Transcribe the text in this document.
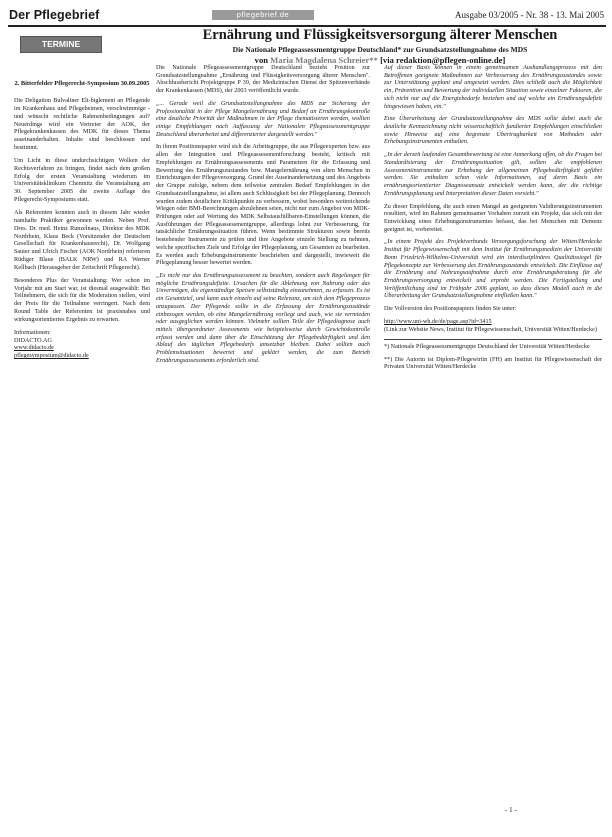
Der Pflegebrief	pflegebrief.de	Ausgabe 03/2005 - Nr. 38 - 13. Mai 2005
TERMINE
Ernährung und Flüssigkeitsversorgung älterer Menschen
Die Nationale Pflegeassessmentgruppe Deutschland* zur Grundsatzstellungnahme des MDS
von Maria Magdalena Schreier** [via redaktion@pflegen-online.de]
2. Bitterfelder Pflegerecht-Symposium 30.09.2005

Die Deligation Bulvaliner Elt-biglement an Pflegende im Krankenhaus und Pflegeheimen, verschwimmige - und wünscht rechtliche Rahmenbedingungen auf? Neuerdings wird ein Vertreter der AOK, der Pflegekrankenkassen des MDK für dieses Thema auseinanderhalten. Inhalte sind beschlossen und bestimmt.

Um Licht in diese undurchsichtigen Wolken der Rechtsverfahren zu bringen, findet nach dem großen Erfolg der ersten Veranstaltung wiederum im Universitätsklinikum Chemnitz die Veranstaltung am 30. September 2005 die zweite Auflage des Pflegerecht-Symposiums statt.

Als Referenten konnten auch in diesem Jahr wieder namhafte Praktiker gewonnen werden. Neben Prof. Dres. Dr. med. Heinz Runzelnaus, Direktor des MDK Nordrhein, Klaus Beck (Vorsitzender der Deutschen Gesellschaft für Krankenhausrecht), Dr. Wolfgang Sauter und Ulrich Fischer (AOK Nordrhein) referieren Rüdiger Blaue (BALK NRW) und RA Werner Kellbach (Herausgeber der Zeitschrift Pflegerecht).

Besonderes Plus der Veranstaltung: Wer schon im Vorjahr mit am Start war, ist diesmal ausgewählt: Bei Teilnehmern, die sich für die Moderation stellen, wird der Preis für die Teilnahme verringert. Nach dem Round Table der Referenten ist praxisnahes und wirkungsorientiertes Ergebnis zu erwarten.

Informationen:
DIDACTO.AG
www.didacto.de
pflegesymposium@didacto.de

Die Nationale Pflegeassessmentgruppe Deutschland bezieht Position zur Grundsatzstellungnahme „Ernährung und Flüssigkeitsversorgung älterer Menschen". Abschlussbericht Projektgruppe P 39, der Medizinischen Dienst der Spitzenverbände der Krankenkassen (MDS), der 2003 veröffentlicht wurde.

„... Gerade weil die Grundsatzstellungnahme des MDS zur Sicherung der Professionalität in der Pflege Mangelernährung und Bedarf an Ernährungskontrolle eine deutliche Priorität der Maßnahmen in der Pflege thematisieren werden, wollten einige Empfehlungen nach Auffassung der Nationalen Pflegeassessmentgruppe Deutschland überarbeitet und differenzierter dargestellt werden."

In ihrem Positionspapier wird sich die Arbeitsgruppe, die aus Pflegeexperten bzw. aus allen der Integration und Pflegeassessmentforschung besteht, kritisch mit Empfehlungen zu Ernährungsassessments und Parametern für die Erfassung und Bewertung des Ernährungszustandes bzw. Mangelernährung von alten Menschen in Einrichtungen der Pflegeversorgung. Grund der Auseinandersetzung und des Angebots der Gruppe zufolge, nebem dem teilweise zentralen Bedarf Empfehlungen in der Grundsatzstellungnahme, ist allem auch Schlüssigkeit bei der Pflegeplanung. Dennoch wurden zudem deutlichere Kritikpunkte zu verbessern, wobei besonders weitreichende Wiegen oder BMI-Berechnungen abzulehnen seien, nicht nur zum Angebot von MDK-Prüfungen oder auf Wertung des MDK Selbstausfüllbaren-Einstellungen können, die Ausführungen der Pflegeassessmentgruppe, allerdings lohnt zur Verbesserung, für tatsächliche Ernährungssituation führen. Wenn bestimmte Strukturen sowie bereits bestehender Instrumente zu prüfen und ihre Angebote einzeln Stellung zu nehmen, welche spezifischen Ziele und Erfolge der Pflegeplanung, um Gesamten zu bearbeiten. Es werden auch Erhebungsinstrumente beschrieben und dargestellt, inwieweit die Pflegeplanung besser bewertet werden.

„Es nicht nur das Ernährungsassessment zu beachten, sondern auch Regelungen für mögliche Ernährungsdefizite. Ursachen für die Ablehnung von Nahrung oder das Unvermögen, die eigenständige Speisen selbstständig einzunehmen, zu erfassen. Es ist ein Gesamtziel, und kann auch einzeln auf seine Relevanz, um sich dem Pflegeprozess anzupassen. Der Pflegende sollte in die Erfassung der Ernährungszustände einbezogen werden, ob eine Mangelernährung vorliegt und auch, wie sie vermieden oder ausgeglichen werden können. Vielmehr sollten Teile der Pflegediagnose auch mittels übergeordneter Assessments wie beispielsweise durch Gewichtskontrolle erfasst werden und dann über die Einschätzung der Pflegebedürftigkeit und den Ablauf des täglichen Pflegebedarfs umsetzbar bleiben. Dabei sollten auch Problemsituationen bewertet und geklärt werden, die zum Betrieb Ernährungsassessments erforderlich sind.

Auf dieser Basis können in einem gemeinsamen Aushandlungsprozess mit den Betroffenen geeignete Maßnahmen zur Verbesserung des Ernährungszustandes sowie zur Unterstützung geplant und umgesetzt werden. Dies schließt auch die Möglichkeit ein, Prävention und Bewertung der individuellen Situation sowie einzelner Faktoren, die sich nicht nur auf die Energiebedarfe beziehen und auf welche ein Ernährungsdefizit hingewiesen haben, ein."

Eine Überarbeitung der Grundsatzstellungnahme des MDS sollte dabei auch die deutliche Kennzeichnung nicht wissenschaftlich fundierter Empfehlungen einschließen sowie Hinweise auf eine begrenzte Übertragbarkeit von Methoden oder Erhebungsinstrumenten enthalten.

„In der derzeit laufenden Gesamtbewertung ist eine Anmerkung offen, ob die Fragen bei Standardisierung der Ernährungssituation gilt, sollten die empfohlenen Assessmentinstrumente zur Erhebung der allgemeinen Pflegebedürftigkeit geführt werden. Sie enthalten schon viele Informationen, auf deren Basis ein ernährungsorientierter Diagnoseansatz entwickelt werden kann, der die richtige Ernährungsplanung und Interpretation dieser Daten vorsieht."

Zu dieser Empfehlung, die auch einen Mangel an geeigneten Validierungsinstrumenten resultiert, wird im Rahmen gemeinsamer Vorhaben zurzeit ein Projekt, das sich mit der Entwicklung eines Erhebungsinstrumentes befasst, das bei Menschen mit Demenz geeignet ist, vorbereitet.

„In einem Projekt des Projektverbunds Versorgungsforschung der Witten/Herdecke Institut für Pflegewissenschaft mit dem Institut für Ernährungsmedizin der Universität Bonn Friedrich-Wilhelms-Universität wird ein interdisziplinäres Qualitätssiegel für Pflegekonzepte zur Verbesserung des Ernährungszustands entwickelt. Die Einflüsse auf die Ernährung und Nahrungsaufnahme durch eine Ernährungsberatung für die Ernährungsversorgung entwickelt und erprobt werden. Die Fertigstellung und Veröffentlichung sind im Frühjahr 2006 geplant, so dass dieses Modell auch in die Überarbeitung der Grundsatzstellungnahme einfließen kann."

Die Vollversion des Positionspapiers finden Sie unter:

http://www.uni-wh.de/de/page.asp?id=3415

(Link zur Website News, Institut für Pflegewissenschaft, Universität Witten/Herdecke)

*) Nationale Pflegeassessmentgruppe Deutschland der Universität Witten/Herdecke

**) Die Autorin ist Diplom-Pflegewirtin (FH) am Institut für Pflegewissenschaft der Privaten Universität Witten/Herdecke

- 1 -
